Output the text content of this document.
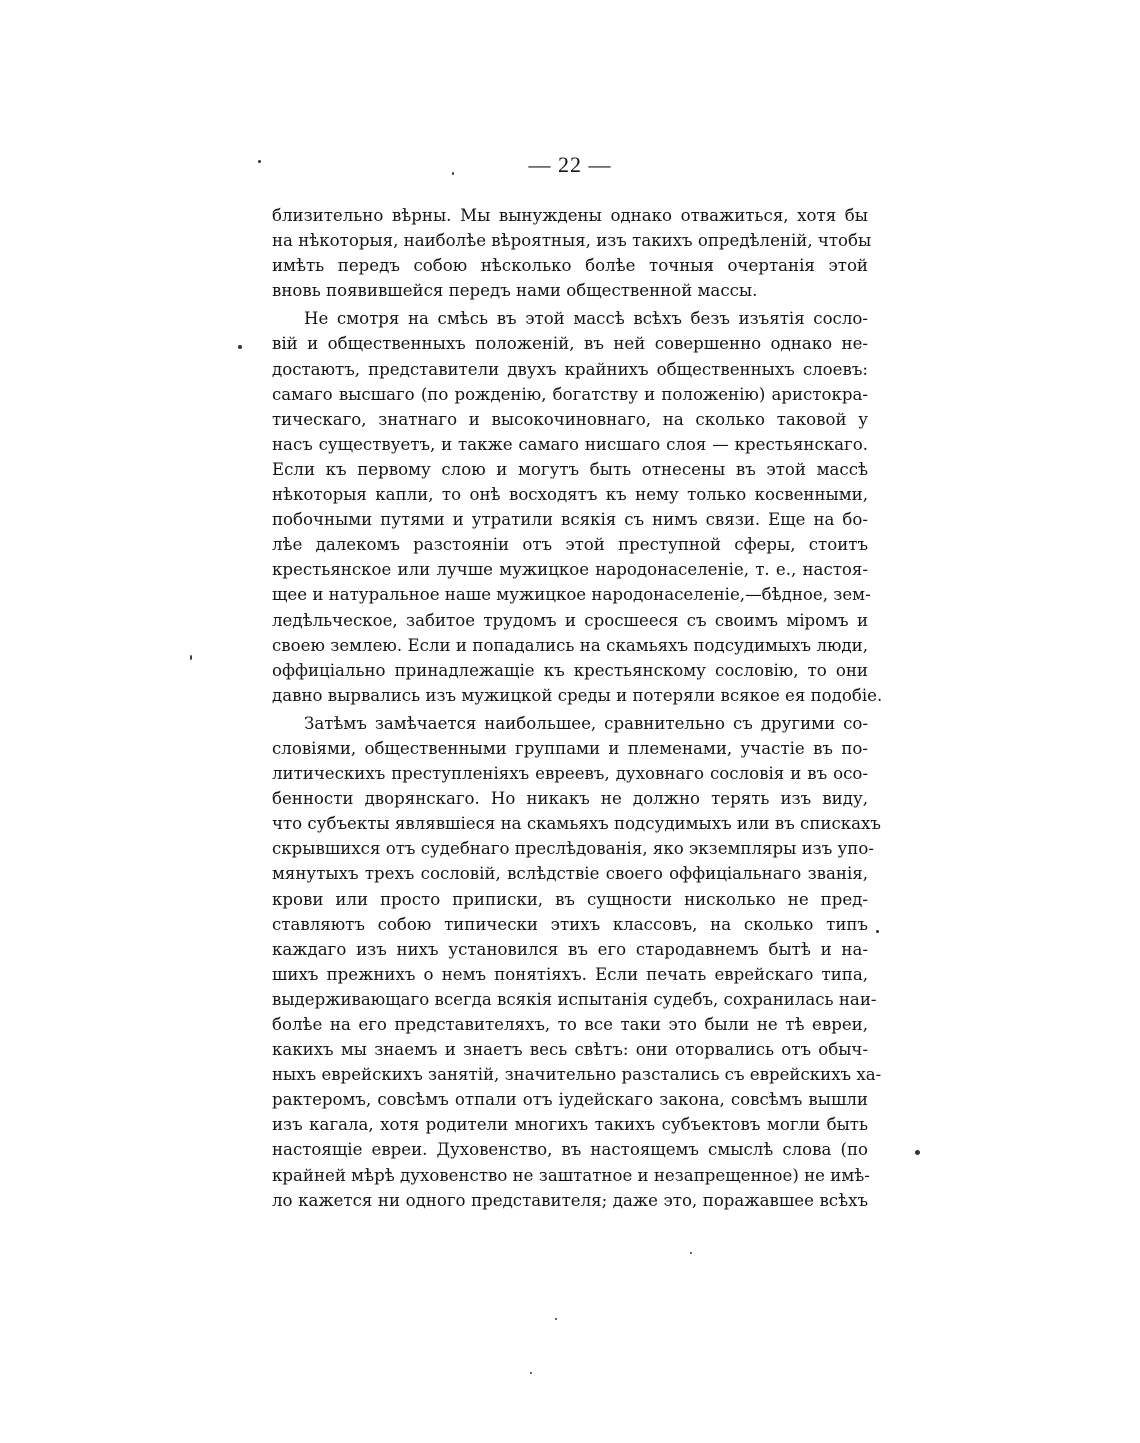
— 22 —
близительно вѣрны. Мы вынуждены однако отважиться, хотя бы
на нѣкоторыя, наиболѣе вѣроятныя, изъ такихъ опредѣленій, чтобы
имѣть передъ собою нѣсколько болѣе точныя очертанія этой
вновь появившейся передъ нами общественной массы.
Не смотря на смѣсь въ этой массѣ всѣхъ безъ изъятія сосло-
вій и общественныхъ положеній, въ ней совершенно однако не-
достаютъ, представители двухъ крайнихъ общественныхъ слоевъ:
самаго высшаго (по рожденію, богатству и положенію) аристокра-
тическаго, знатнаго и высокочиновнаго, на сколько таковой у
насъ существуетъ, и также самаго нисшаго слоя — крестьянскаго.
Если къ первому слою и могутъ быть отнесены въ этой массѣ
нѣкоторыя капли, то онѣ восходятъ къ нему только косвенными,
побочными путями и утратили всякія съ нимъ связи. Еще на бо-
лѣе далекомъ разстояніи отъ этой преступной сферы, стоитъ
крестьянское или лучше мужицкое народонаселеніе, т. е., настоя-
щее и натуральное наше мужицкое народонаселеніе,—бѣдное, зем-
ледѣльческое, забитое трудомъ и сросшееся съ своимъ міромъ и
своею землею. Если и попадались на скамьяхъ подсудимыхъ люди,
оффиціально принадлежащіе къ крестьянскому сословію, то они
давно вырвались изъ мужицкой среды и потеряли всякое ея подобіе.
Затѣмъ замѣчается наибольшее, сравнительно съ другими со-
словіями, общественными группами и племенами, участіе въ по-
литическихъ преступленіяхъ евреевъ, духовнаго сословія и въ осо-
бенности дворянскаго. Но никакъ не должно терять изъ виду,
что субъекты являвшіеся на скамьяхъ подсудимыхъ или въ спискахъ
скрывшихся отъ судебнаго преслѣдованія, яко экземпляры изъ упо-
мянутыхъ трехъ сословій, вслѣдствіе своего оффиціальнаго званія,
крови или просто приписки, въ сущности нисколько не пред-
ставляютъ собою типически этихъ классовъ, на сколько типъ
каждаго изъ нихъ установился въ его стародавнемъ бытѣ и на-
шихъ прежнихъ о немъ понятіяхъ. Если печать еврейскаго типа,
выдерживающаго всегда всякія испытанія судебъ, сохранилась наи-
болѣе на его представителяхъ, то все таки это были не тѣ евреи,
какихъ мы знаемъ и знаетъ весь свѣтъ: они оторвались отъ обыч-
ныхъ еврейскихъ занятій, значительно разстались съ еврейскихъ ха-
рактеромъ, совсѣмъ отпали отъ іудейскаго закона, совсѣмъ вышли
изъ кагала, хотя родители многихъ такихъ субъектовъ могли быть
настоящіе евреи. Духовенство, въ настоящемъ смыслѣ слова (по
крайней мѣрѣ духовенство не заштатное и незапрещенное) не имѣ-
ло кажется ни одного представителя; даже это, поражавшее всѣхъ
